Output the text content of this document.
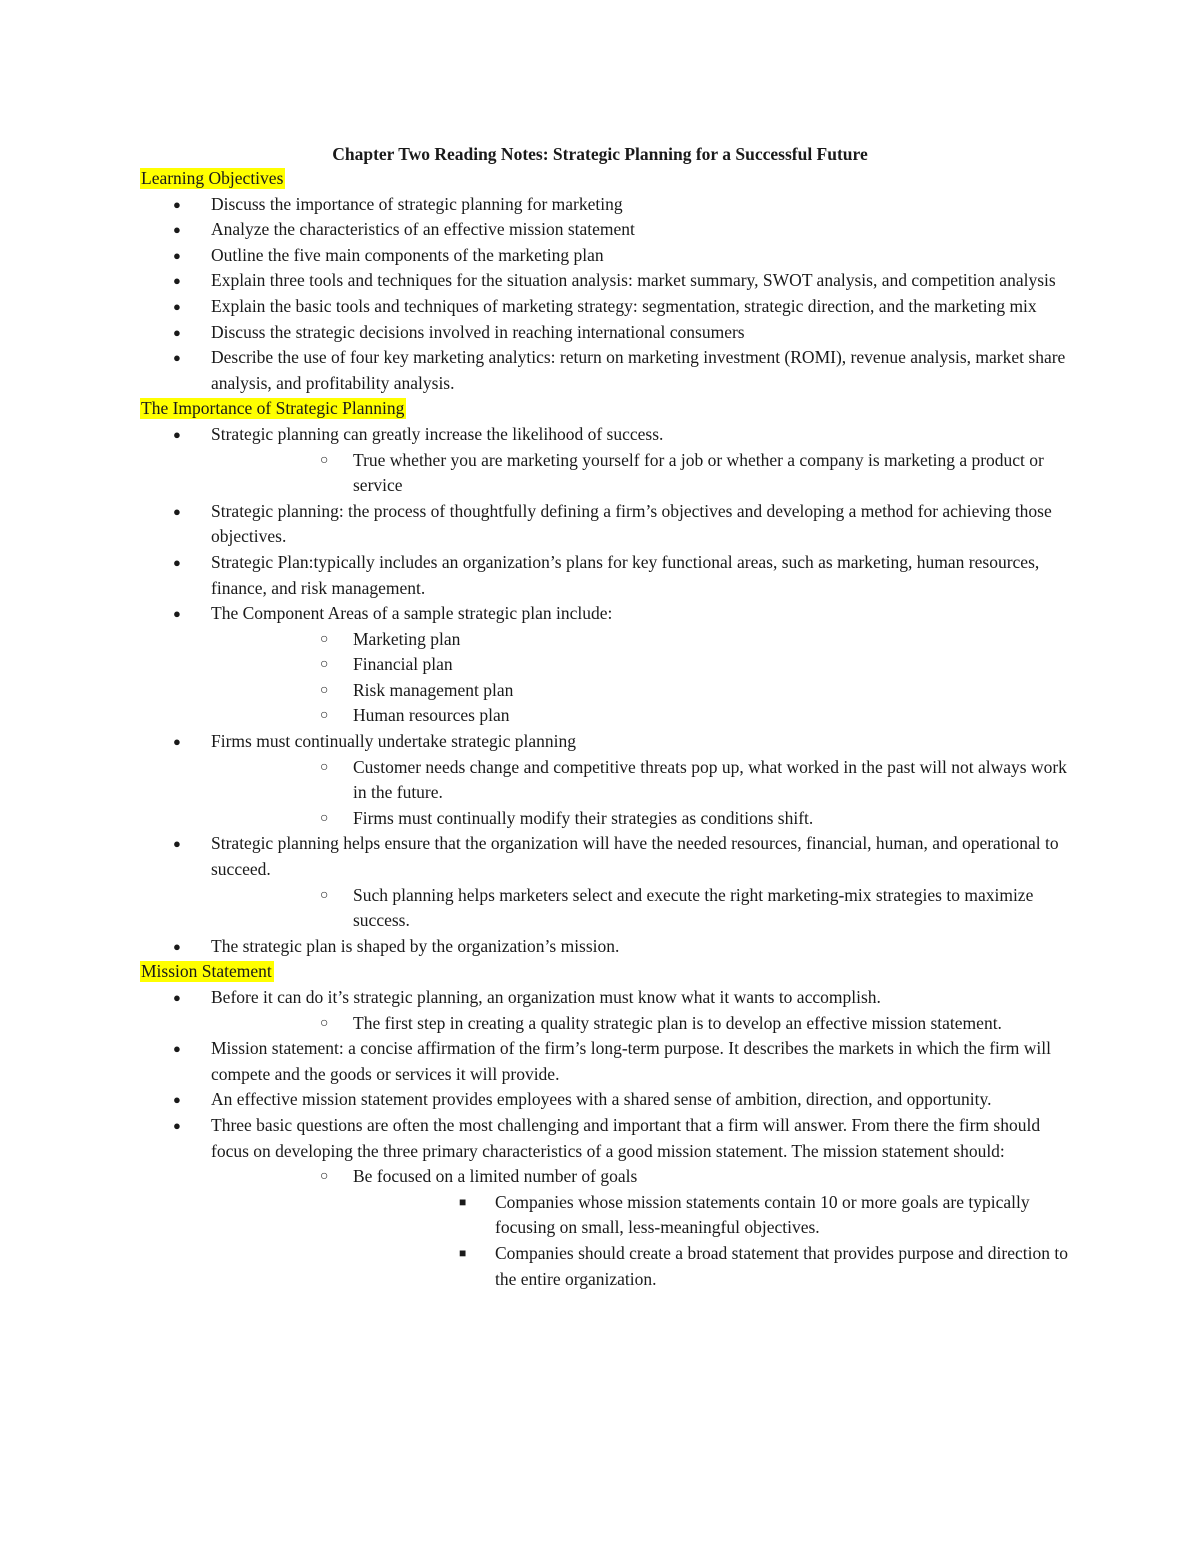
Chapter Two Reading Notes: Strategic Planning for a Successful Future
Learning Objectives
● Discuss the importance of strategic planning for marketing
● Analyze the characteristics of an effective mission statement
● Outline the five main components of the marketing plan
● Explain three tools and techniques for the situation analysis: market summary, SWOT analysis, and competition analysis
● Explain the basic tools and techniques of marketing strategy: segmentation, strategic direction, and the marketing mix
● Discuss the strategic decisions involved in reaching international consumers
● Describe the use of four key marketing analytics: return on marketing investment (ROMI), revenue analysis, market share analysis, and profitability analysis.
The Importance of Strategic Planning
● Strategic planning can greatly increase the likelihood of success.
○ True whether you are marketing yourself for a job or whether a company is marketing a product or service
● Strategic planning: the process of thoughtfully defining a firm’s objectives and developing a method for achieving those objectives.
● Strategic Plan:typically includes an organization’s plans for key functional areas, such as marketing, human resources, finance, and risk management.
● The Component Areas of a sample strategic plan include:
○ Marketing plan
○ Financial plan
○ Risk management plan
○ Human resources plan
● Firms must continually undertake strategic planning
○ Customer needs change and competitive threats pop up, what worked in the past will not always work in the future.
○ Firms must continually modify their strategies as conditions shift.
● Strategic planning helps ensure that the organization will have the needed resources, financial, human, and operational to succeed.
○ Such planning helps marketers select and execute the right marketing-mix strategies to maximize success.
● The strategic plan is shaped by the organization’s mission.
Mission Statement
● Before it can do it’s strategic planning, an organization must know what it wants to accomplish.
○ The first step in creating a quality strategic plan is to develop an effective mission statement.
● Mission statement: a concise affirmation of the firm’s long-term purpose. It describes the markets in which the firm will compete and the goods or services it will provide.
● An effective mission statement provides employees with a shared sense of ambition, direction, and opportunity.
● Three basic questions are often the most challenging and important that a firm will answer. From there the firm should focus on developing the three primary characteristics of a good mission statement. The mission statement should:
○ Be focused on a limited number of goals
■ Companies whose mission statements contain 10 or more goals are typically focusing on small, less-meaningful objectives.
■ Companies should create a broad statement that provides purpose and direction to the entire organization.
